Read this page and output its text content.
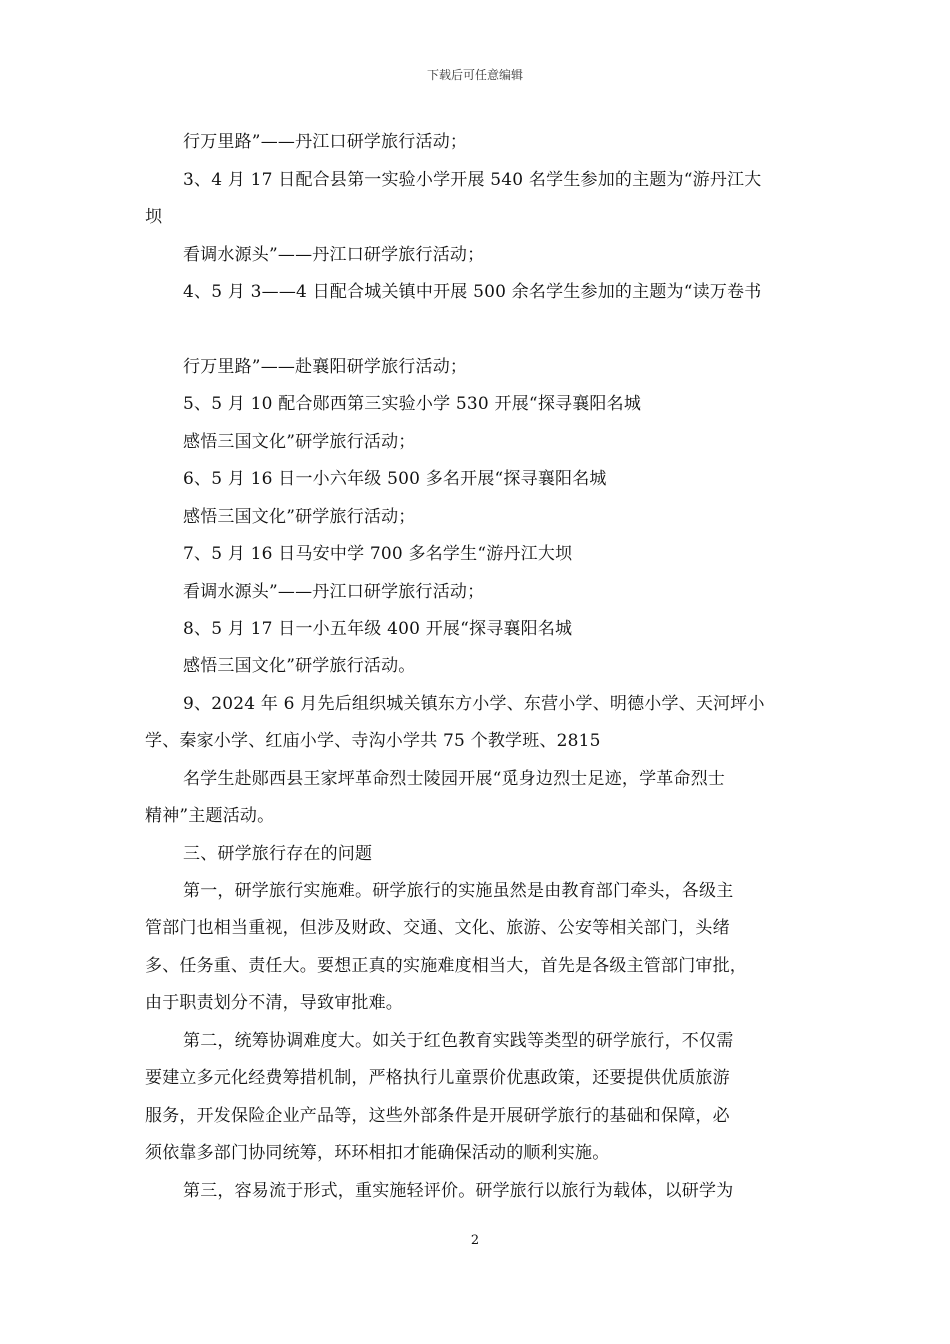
下载后可任意编辑
行万里路”——丹江口研学旅行活动；
3、4 月 17 日配合县第一实验小学开展 540 名学生参加的主题为“游丹江大
坝
看调水源头”——丹江口研学旅行活动；
4、5 月 3——4 日配合城关镇中开展 500 余名学生参加的主题为“读万卷书
行万里路”——赴襄阳研学旅行活动；
5、5 月 10 配合郧西第三实验小学 530 开展“探寻襄阳名城
感悟三国文化”研学旅行活动；
6、5 月 16 日一小六年级 500 多名开展“探寻襄阳名城
感悟三国文化”研学旅行活动；
7、5 月 16 日马安中学 700 多名学生“游丹江大坝
看调水源头”——丹江口研学旅行活动；
8、5 月 17 日一小五年级 400 开展“探寻襄阳名城
感悟三国文化”研学旅行活动。
9、2024 年 6 月先后组织城关镇东方小学、东营小学、明德小学、天河坪小
学、秦家小学、红庙小学、寺沟小学共 75 个教学班、2815
名学生赴郧西县王家坪革命烈士陵园开展“觅身边烈士足迹，学革命烈士
精神”主题活动。
三、研学旅行存在的问题
第一，研学旅行实施难。研学旅行的实施虽然是由教育部门牵头，各级主
管部门也相当重视，但涉及财政、交通、文化、旅游、公安等相关部门，头绪
多、任务重、责任大。要想正真的实施难度相当大，首先是各级主管部门审批，
由于职责划分不清，导致审批难。
第二，统筹协调难度大。如关于红色教育实践等类型的研学旅行，不仅需
要建立多元化经费筹措机制，严格执行儿童票价优惠政策，还要提供优质旅游
服务，开发保险企业产品等，这些外部条件是开展研学旅行的基础和保障，必
须依靠多部门协同统筹，环环相扣才能确保活动的顺利实施。
第三，容易流于形式，重实施轻评价。研学旅行以旅行为载体，以研学为
2
